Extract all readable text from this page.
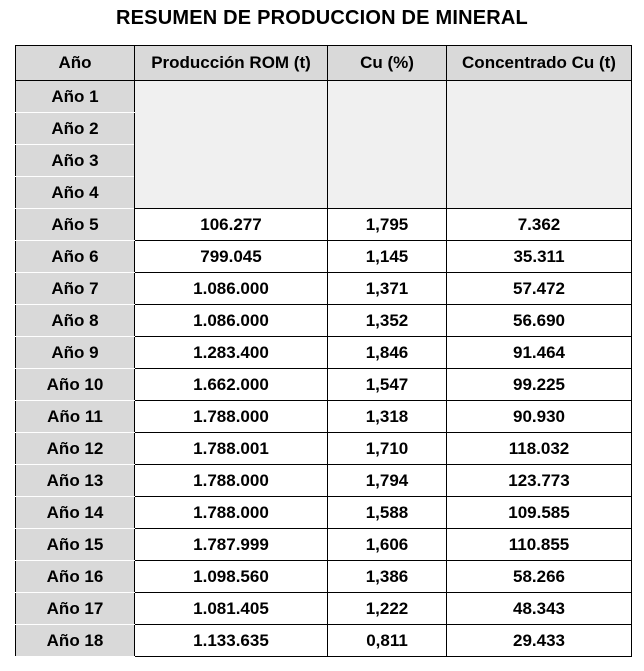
RESUMEN DE PRODUCCION DE MINERAL
Año	Producción ROM (t)	Cu (%)	Concentrado Cu (t)
Año 1			
Año 2			
Año 3			
Año 4			
Año 5	106.277	1,795	7.362
Año 6	799.045	1,145	35.311
Año 7	1.086.000	1,371	57.472
Año 8	1.086.000	1,352	56.690
Año 9	1.283.400	1,846	91.464
Año 10	1.662.000	1,547	99.225
Año 11	1.788.000	1,318	90.930
Año 12	1.788.001	1,710	118.032
Año 13	1.788.000	1,794	123.773
Año 14	1.788.000	1,588	109.585
Año 15	1.787.999	1,606	110.855
Año 16	1.098.560	1,386	58.266
Año 17	1.081.405	1,222	48.343
Año 18	1.133.635	0,811	29.433
